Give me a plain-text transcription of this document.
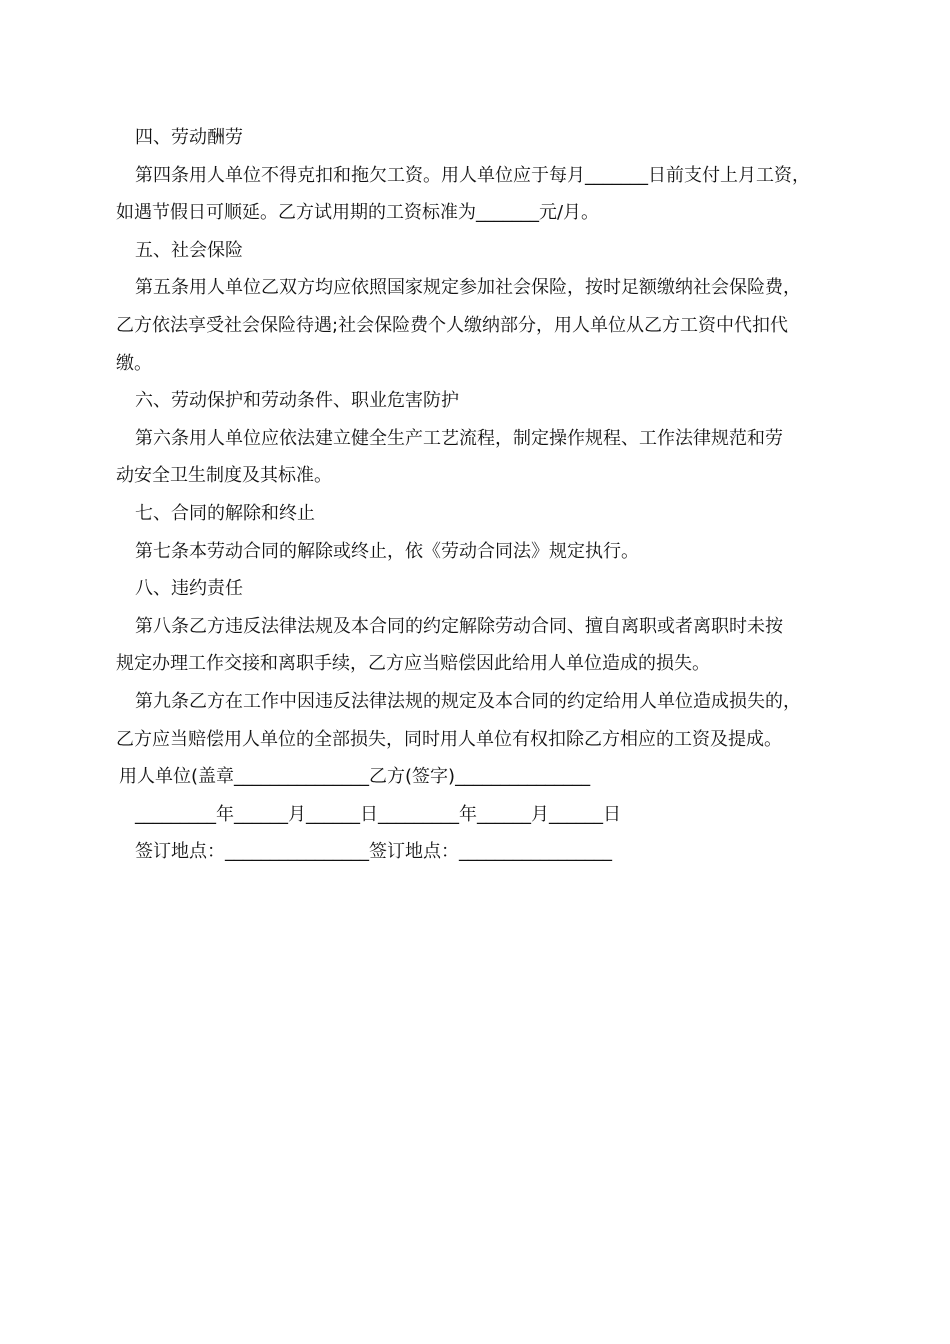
四、劳动酬劳

第四条用人单位不得克扣和拖欠工资。用人单位应于每月_______日前支付上月工资，

如遇节假日可顺延。乙方试用期的工资标准为_______元/月。

五、社会保险

第五条用人单位乙双方均应依照国家规定参加社会保险，按时足额缴纳社会保险费，

乙方依法享受社会保险待遇;社会保险费个人缴纳部分，用人单位从乙方工资中代扣代

缴。

六、劳动保护和劳动条件、职业危害防护

第六条用人单位应依法建立健全生产工艺流程，制定操作规程、工作法律规范和劳

动安全卫生制度及其标准。

七、合同的解除和终止

第七条本劳动合同的解除或终止，依《劳动合同法》规定执行。

八、违约责任

第八条乙方违反法律法规及本合同的约定解除劳动合同、擅自离职或者离职时未按

规定办理工作交接和离职手续，乙方应当赔偿因此给用人单位造成的损失。

第九条乙方在工作中因违反法律法规的规定及本合同的约定给用人单位造成损失的，

乙方应当赔偿用人单位的全部损失，同时用人单位有权扣除乙方相应的工资及提成。

用人单位(盖章_______________乙方(签字)_______________

_________年______月______日_________年______月______日

签订地点：________________签订地点：_________________
